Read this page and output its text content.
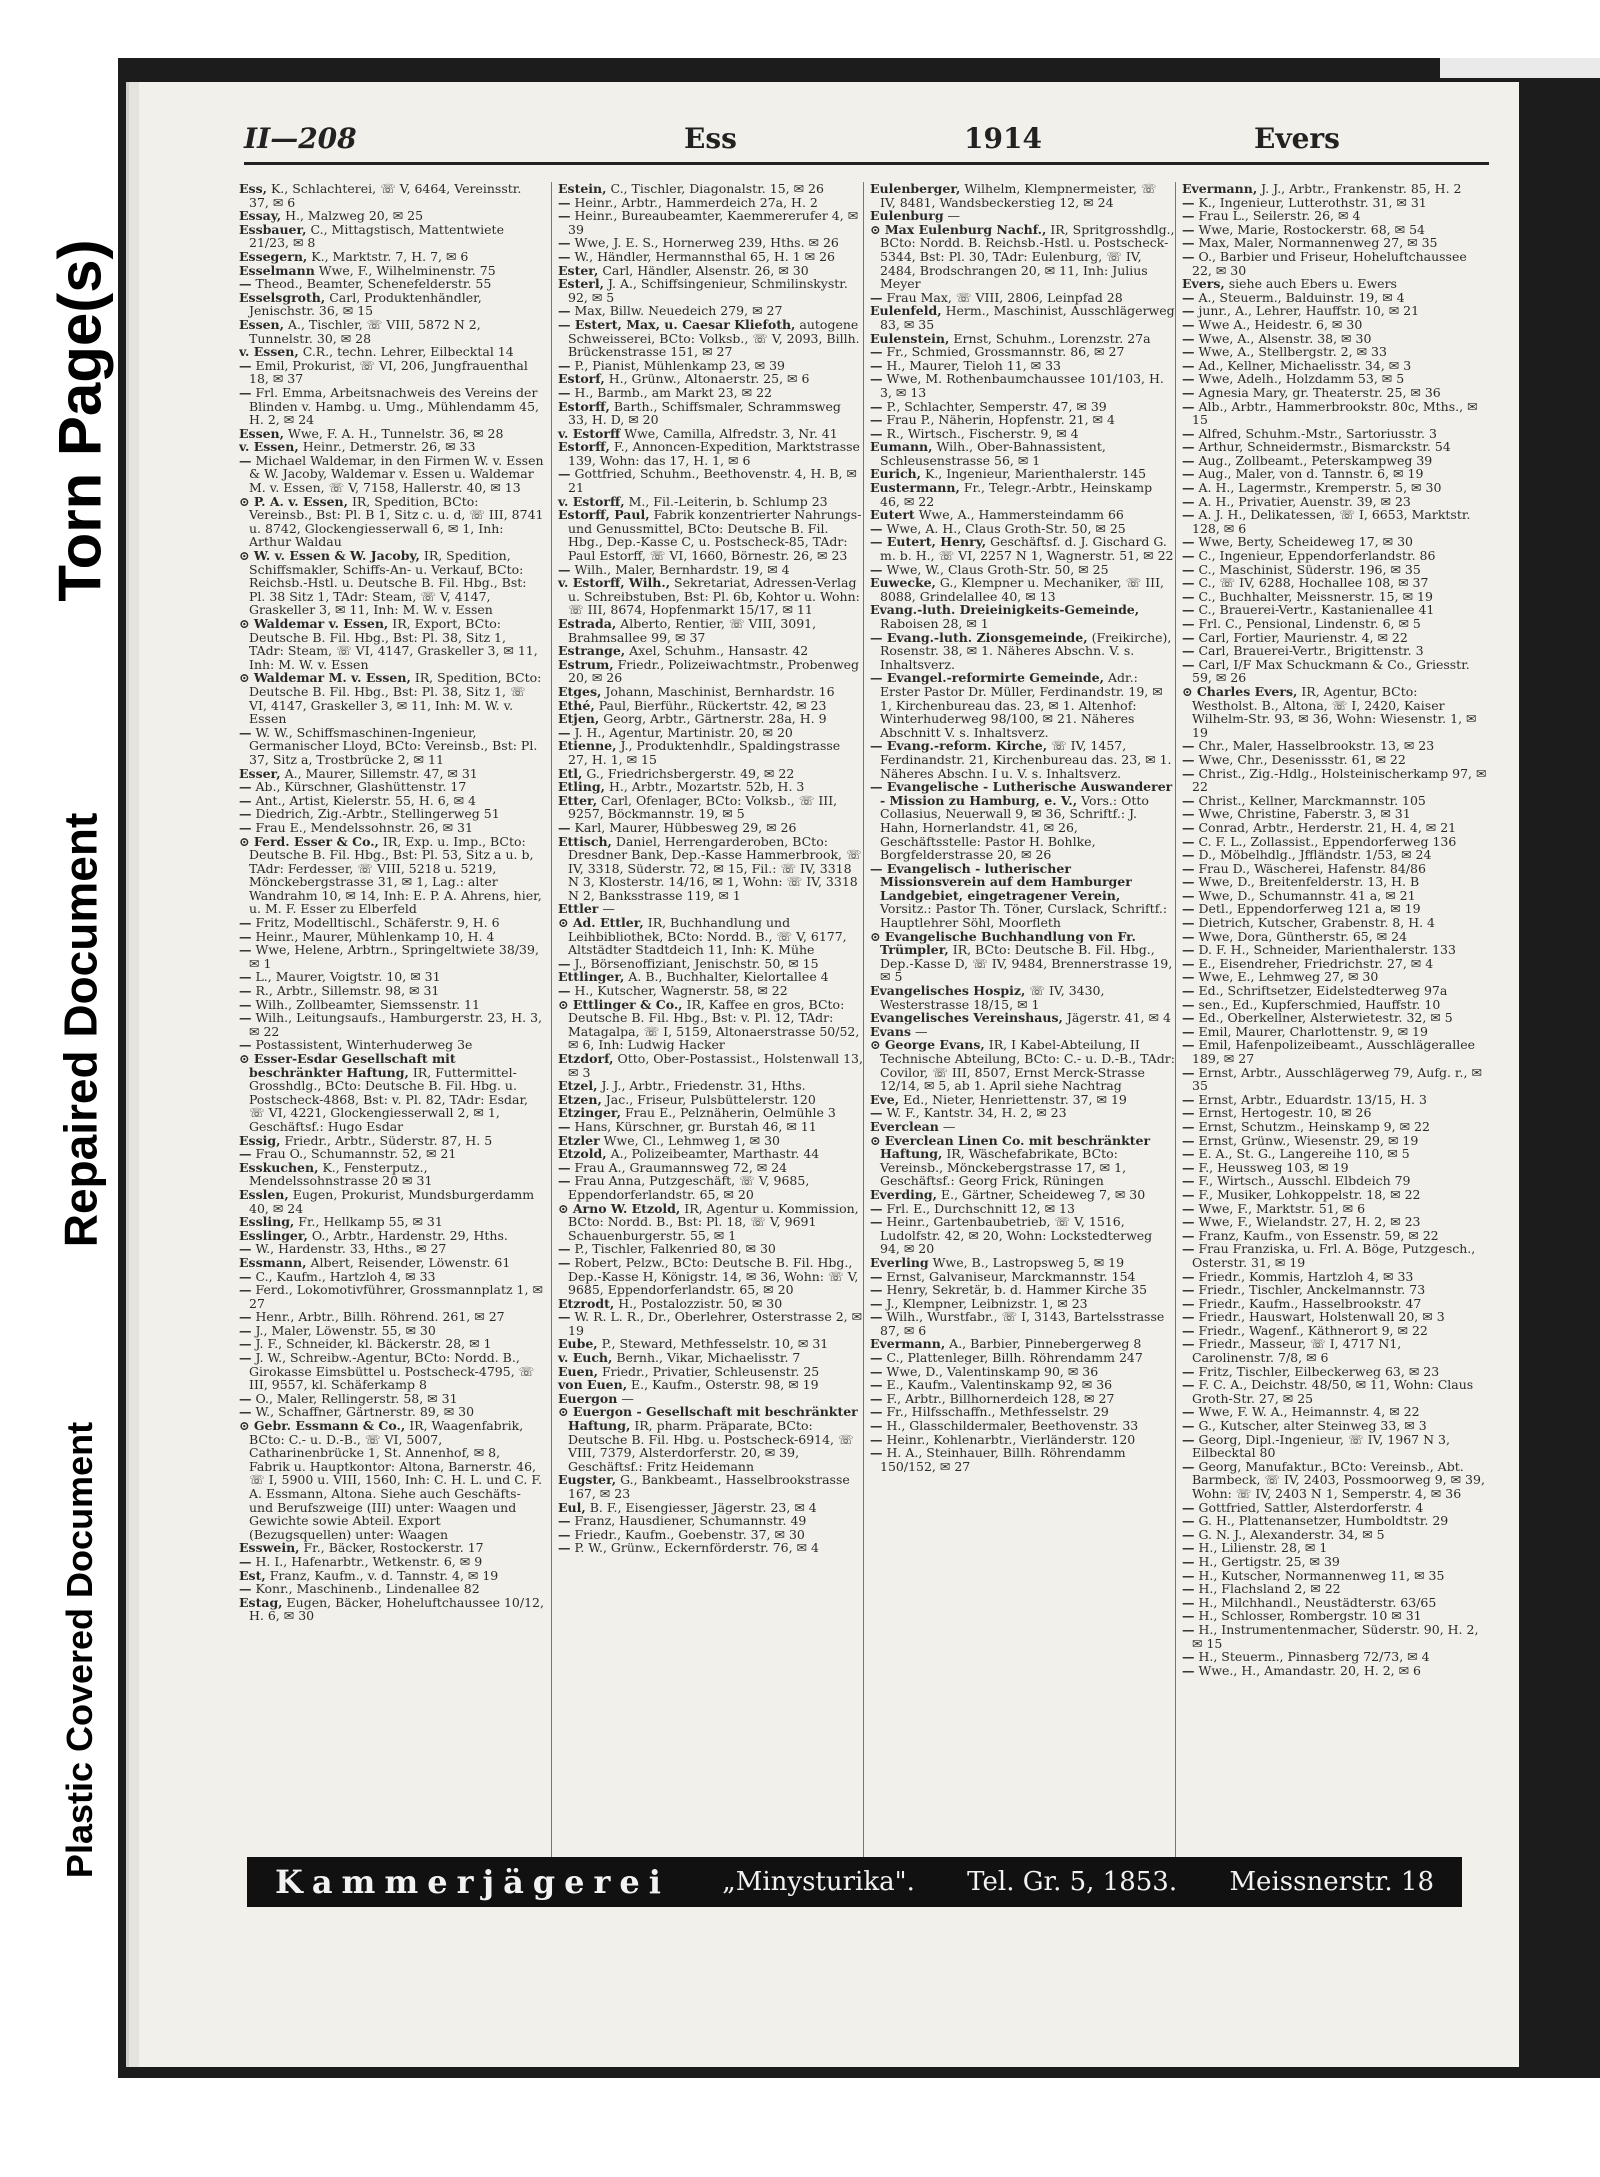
Torn Page(s)
Repaired Document
Plastic Covered Document
II—208	Ess	1914	Evers
Ess, K., Schlachterei, ☏ V, 6464, Vereinsstr. 37, ✉ 6
Essay, H., Malzweg 20, ✉ 25
Essbauer, C., Mittagstisch, Mattentwiete 21/23, ✉ 8
Essegern, K., Marktstr. 7, H. 7, ✉ 6
Esselmann Wwe, F., Wilhelminenstr. 75
— Theod., Beamter, Schenefelderstr. 55
Esselsgroth, Carl, Produktenhändler, Jenischstr. 36, ✉ 15
Essen, A., Tischler, ☏ VIII, 5872 N 2, Tunnelstr. 30, ✉ 28
v. Essen, C.R., techn. Lehrer, Eilbecktal 14
— Emil, Prokurist, ☏ VI, 206, Jungfrauenthal 18, ✉ 37
— Frl. Emma, Arbeitsnachweis des Vereins der Blinden v. Hambg. u. Umg., Mühlendamm 45, H. 2, ✉ 24
Essen, Wwe, F. A. H., Tunnelstr. 36, ✉ 28
v. Essen, Heinr., Detmerstr. 26, ✉ 33
— Michael Waldemar, in den Firmen W. v. Essen & W. Jacoby, Waldemar v. Essen u. Waldemar M. v. Essen, ☏ V, 7158, Hallerstr. 40, ✉ 13
⊙ P. A. v. Essen, IR, Spedition, BCto: Vereinsb., Bst: Pl. B 1, Sitz c. u. d, ☏ III, 8741 u. 8742, Glockengiesserwall 6, ✉ 1, Inh: Arthur Waldau
⊙ W. v. Essen & W. Jacoby, IR, Spedition, Schiffsmakler, Schiffs-An- u. Verkauf, BCto: Reichsb.-Hstl. u. Deutsche B. Fil. Hbg., Bst: Pl. 38 Sitz 1, TAdr: Steam, ☏ V, 4147, Graskeller 3, ✉ 11, Inh: M. W. v. Essen
⊙ Waldemar v. Essen, IR, Export, BCto: Deutsche B. Fil. Hbg., Bst: Pl. 38, Sitz 1, TAdr: Steam, ☏ VI, 4147, Graskeller 3, ✉ 11, Inh: M. W. v. Essen
⊙ Waldemar M. v. Essen, IR, Spedition, BCto: Deutsche B. Fil. Hbg., Bst: Pl. 38, Sitz 1, ☏ VI, 4147, Graskeller 3, ✉ 11, Inh: M. W. v. Essen
— W. W., Schiffsmaschinen-Ingenieur, Germanischer Lloyd, BCto: Vereinsb., Bst: Pl. 37, Sitz a, Trostbrücke 2, ✉ 11
Esser, A., Maurer, Sillemstr. 47, ✉ 31
— Ab., Kürschner, Glashüttenstr. 17
— Ant., Artist, Kielerstr. 55, H. 6, ✉ 4
— Diedrich, Zig.-Arbtr., Stellingerweg 51
— Frau E., Mendelssohnstr. 26, ✉ 31
⊙ Ferd. Esser & Co., IR, Exp. u. Imp., BCto: Deutsche B. Fil. Hbg., Bst: Pl. 53, Sitz a u. b, TAdr: Ferdesser, ☏ VIII, 5218 u. 5219, Mönckebergstrasse 31, ✉ 1, Lag.: alter Wandrahm 10, ✉ 14, Inh: E. P. A. Ahrens, hier, u. M. F. Esser zu Elberfeld
— Fritz, Modelltischl., Schäferstr. 9, H. 6
— Heinr., Maurer, Mühlenkamp 10, H. 4
— Wwe, Helene, Arbtrn., Springeltwiete 38/39, ✉ 1
— L., Maurer, Voigtstr. 10, ✉ 31
— R., Arbtr., Sillemstr. 98, ✉ 31
— Wilh., Zollbeamter, Siemssenstr. 11
— Wilh., Leitungsaufs., Hamburgerstr. 23, H. 3, ✉ 22
— Postassistent, Winterhuderweg 3e
⊙ Esser-Esdar Gesellschaft mit beschränkter Haftung, IR, Futtermittel-Grosshdlg., BCto: Deutsche B. Fil. Hbg. u. Postscheck-4868, Bst: v. Pl. 82, TAdr: Esdar, ☏ VI, 4221, Glockengiesserwall 2, ✉ 1, Geschäftsf.: Hugo Esdar
Essig, Friedr., Arbtr., Süderstr. 87, H. 5
— Frau O., Schumannstr. 52, ✉ 21
Esskuchen, K., Fensterputz., Mendelssohnstrasse 20 ✉ 31
Esslen, Eugen, Prokurist, Mundsburgerdamm 40, ✉ 24
Essling, Fr., Hellkamp 55, ✉ 31
Esslinger, O., Arbtr., Hardenstr. 29, Hths.
— W., Hardenstr. 33, Hths., ✉ 27
Essmann, Albert, Reisender, Löwenstr. 61
— C., Kaufm., Hartzloh 4, ✉ 33
— Ferd., Lokomotivführer, Grossmannplatz 1, ✉ 27
— Henr., Arbtr., Billh. Röhrend. 261, ✉ 27
— J., Maler, Löwenstr. 55, ✉ 30
— J. F., Schneider, kl. Bäckerstr. 28, ✉ 1
— J. W., Schreibw.-Agentur, BCto: Nordd. B., Girokasse Eimsbüttel u. Postscheck-4795, ☏ III, 9557, kl. Schäferkamp 8
— O., Maler, Rellingerstr. 58, ✉ 31
— W., Schaffner, Gärtnerstr. 89, ✉ 30
⊙ Gebr. Essmann & Co., IR, Waagenfabrik, BCto: C.- u. D.-B., ☏ VI, 5007, Catharinenbrücke 1, St. Annenhof, ✉ 8, Fabrik u. Hauptkontor: Altona, Barnerstr. 46, ☏ I, 5900 u. VIII, 1560, Inh: C. H. L. und C. F. A. Essmann, Altona. Siehe auch Geschäfts- und Berufszweige (III) unter: Waagen und Gewichte sowie Abteil. Export (Bezugsquellen) unter: Waagen
Esswein, Fr., Bäcker, Rostockerstr. 17
— H. I., Hafenarbtr., Wetkenstr. 6, ✉ 9
Est, Franz, Kaufm., v. d. Tannstr. 4, ✉ 19
— Konr., Maschinenb., Lindenallee 82
Estag, Eugen, Bäcker, Hoheluftchaussee 10/12, H. 6, ✉ 30
Estein, C., Tischler, Diagonalstr. 15, ✉ 26
— Heinr., Arbtr., Hammerdeich 27a, H. 2
— Heinr., Bureaubeamter, Kaemmererufer 4, ✉ 39
— Wwe, J. E. S., Hornerweg 239, Hths. ✉ 26
— W., Händler, Hermannsthal 65, H. 1 ✉ 26
Ester, Carl, Händler, Alsenstr. 26, ✉ 30
Esterl, J. A., Schiffsingenieur, Schmilinskystr. 92, ✉ 5
— Max, Billw. Neuedeich 279, ✉ 27
— Estert, Max, u. Caesar Kliefoth, autogene Schweisserei, BCto: Volksb., ☏ V, 2093, Billh. Brückenstrasse 151, ✉ 27
— P., Pianist, Mühlenkamp 23, ✉ 39
Estorf, H., Grünw., Altonaerstr. 25, ✉ 6
— H., Barmb., am Markt 23, ✉ 22
Estorff, Barth., Schiffsmaler, Schrammsweg 33, H. D, ✉ 20
v. Estorff Wwe, Camilla, Alfredstr. 3, Nr. 41
Estorff, F., Annoncen-Expedition, Marktstrasse 139, Wohn: das 17, H. 1, ✉ 6
— Gottfried, Schuhm., Beethovenstr. 4, H. B, ✉ 21
v. Estorff, M., Fil.-Leiterin, b. Schlump 23
Estorff, Paul, Fabrik konzentrierter Nahrungs- und Genussmittel, BCto: Deutsche B. Fil. Hbg., Dep.-Kasse C, u. Postscheck-85, TAdr: Paul Estorff, ☏ VI, 1660, Börnestr. 26, ✉ 23
— Wilh., Maler, Bernhardstr. 19, ✉ 4
v. Estorff, Wilh., Sekretariat, Adressen-Verlag u. Schreibstuben, Bst: Pl. 6b, Kohtor u. Wohn: ☏ III, 8674, Hopfenmarkt 15/17, ✉ 11
Estrada, Alberto, Rentier, ☏ VIII, 3091, Brahmsallee 99, ✉ 37
Estrange, Axel, Schuhm., Hansastr. 42
Estrum, Friedr., Polizeiwachtmstr., Probenweg 20, ✉ 26
Etges, Johann, Maschinist, Bernhardstr. 16
Ethé, Paul, Bierführ., Rückertstr. 42, ✉ 23
Etjen, Georg, Arbtr., Gärtnerstr. 28a, H. 9
— J. H., Agentur, Martinistr. 20, ✉ 20
Etienne, J., Produktenhdlr., Spaldingstrasse 27, H. 1, ✉ 15
Etl, G., Friedrichsbergerstr. 49, ✉ 22
Etling, H., Arbtr., Mozartstr. 52b, H. 3
Etter, Carl, Ofenlager, BCto: Volksb., ☏ III, 9257, Böckmannstr. 19, ✉ 5
— Karl, Maurer, Hübbesweg 29, ✉ 26
Ettisch, Daniel, Herrengarderoben, BCto: Dresdner Bank, Dep.-Kasse Hammerbrook, ☏ IV, 3318, Süderstr. 72, ✉ 15, Fil.: ☏ IV, 3318 N 3, Klosterstr. 14/16, ✉ 1, Wohn: ☏ IV, 3318 N 2, Banksstrasse 119, ✉ 1
Ettler —
⊙ Ad. Ettler, IR, Buchhandlung und Leihbibliothek, BCto: Nordd. B., ☏ V, 6177, Altstädter Stadtdeich 11, Inh: K. Mühe
— J., Börsenoffiziant, Jenischstr. 50, ✉ 15
Ettlinger, A. B., Buchhalter, Kielortallee 4
— H., Kutscher, Wagnerstr. 58, ✉ 22
⊙ Ettlinger & Co., IR, Kaffee en gros, BCto: Deutsche B. Fil. Hbg., Bst: v. Pl. 12, TAdr: Matagalpa, ☏ I, 5159, Altonaerstrasse 50/52, ✉ 6, Inh: Ludwig Hacker
Etzdorf, Otto, Ober-Postassist., Holstenwall 13, ✉ 3
Etzel, J. J., Arbtr., Friedenstr. 31, Hths.
Etzen, Jac., Friseur, Pulsbüttelerstr. 120
Etzinger, Frau E., Pelznäherin, Oelmühle 3
— Hans, Kürschner, gr. Burstah 46, ✉ 11
Etzler Wwe, Cl., Lehmweg 1, ✉ 30
Etzold, A., Polizeibeamter, Marthastr. 44
— Frau A., Graumannsweg 72, ✉ 24
— Frau Anna, Putzgeschäft, ☏ V, 9685, Eppendorferlandstr. 65, ✉ 20
⊙ Arno W. Etzold, IR, Agentur u. Kommission, BCto: Nordd. B., Bst: Pl. 18, ☏ V, 9691 Schauenburgerstr. 55, ✉ 1
— P., Tischler, Falkenried 80, ✉ 30
— Robert, Pelzw., BCto: Deutsche B. Fil. Hbg., Dep.-Kasse H, Königstr. 14, ✉ 36, Wohn: ☏ V, 9685, Eppendorferlandstr. 65, ✉ 20
Etzrodt, H., Postalozzistr. 50, ✉ 30
— W. R. L. R., Dr., Oberlehrer, Osterstrasse 2, ✉ 19
Eube, P., Steward, Methfesselstr. 10, ✉ 31
v. Euch, Bernh., Vikar, Michaelisstr. 7
Euen, Friedr., Privatier, Schleusenstr. 25
von Euen, E., Kaufm., Osterstr. 98, ✉ 19
Euergon —
⊙ Euergon - Gesellschaft mit beschränkter Haftung, IR, pharm. Präparate, BCto: Deutsche B. Fil. Hbg. u. Postscheck-6914, ☏ VIII, 7379, Alsterdorferstr. 20, ✉ 39, Geschäftsf.: Fritz Heidemann
Eugster, G., Bankbeamt., Hasselbrookstrasse 167, ✉ 23
Eul, B. F., Eisengiesser, Jägerstr. 23, ✉ 4
— Franz, Hausdiener, Schumannstr. 49
— Friedr., Kaufm., Goebenstr. 37, ✉ 30
— P. W., Grünw., Eckernförderstr. 76, ✉ 4
Eulenberger, Wilhelm, Klempnermeister, ☏ IV, 8481, Wandsbeckerstieg 12, ✉ 24
Eulenburg —
⊙ Max Eulenburg Nachf., IR, Spritgrosshdlg., BCto: Nordd. B. Reichsb.-Hstl. u. Postscheck-5344, Bst: Pl. 30, TAdr: Eulenburg, ☏ IV, 2484, Brodschrangen 20, ✉ 11, Inh: Julius Meyer
— Frau Max, ☏ VIII, 2806, Leinpfad 28
Eulenfeld, Herm., Maschinist, Ausschlägerweg 83, ✉ 35
Eulenstein, Ernst, Schuhm., Lorenzstr. 27a
— Fr., Schmied, Grossmannstr. 86, ✉ 27
— H., Maurer, Tieloh 11, ✉ 33
— Wwe, M. Rothenbaumchaussee 101/103, H. 3, ✉ 13
— P., Schlachter, Semperstr. 47, ✉ 39
— Frau P., Näherin, Hopfenstr. 21, ✉ 4
— R., Wirtsch., Fischerstr. 9, ✉ 4
Eumann, Wilh., Ober-Bahnassistent, Schleusenstrasse 56, ✉ 1
Eurich, K., Ingenieur, Marienthalerstr. 145
Eustermann, Fr., Telegr.-Arbtr., Heinskamp 46, ✉ 22
Eutert Wwe, A., Hammersteindamm 66
— Wwe, A. H., Claus Groth-Str. 50, ✉ 25
— Eutert, Henry, Geschäftsf. d. J. Gischard G. m. b. H., ☏ VI, 2257 N 1, Wagnerstr. 51, ✉ 22
— Wwe, W., Claus Groth-Str. 50, ✉ 25
Euwecke, G., Klempner u. Mechaniker, ☏ III, 8088, Grindelallee 40, ✉ 13
Evang.-luth. Dreieinigkeits-Gemeinde, Raboisen 28, ✉ 1
— Evang.-luth. Zionsgemeinde, (Freikirche), Rosenstr. 38, ✉ 1. Näheres Abschn. V. s. Inhaltsverz.
— Evangel.-reformirte Gemeinde, Adr.: Erster Pastor Dr. Müller, Ferdinandstr. 19, ✉ 1, Kirchenbureau das. 23, ✉ 1. Altenhof: Winterhuderweg 98/100, ✉ 21. Näheres Abschnitt V. s. Inhaltsverz.
— Evang.-reform. Kirche, ☏ IV, 1457, Ferdinandstr. 21, Kirchenbureau das. 23, ✉ 1. Näheres Abschn. I u. V. s. Inhaltsverz.
— Evangelische - Lutherische Auswanderer - Mission zu Hamburg, e. V., Vors.: Otto Collasius, Neuerwall 9, ✉ 36, Schriftf.: J. Hahn, Hornerlandstr. 41, ✉ 26, Geschäftsstelle: Pastor H. Bohlke, Borgfelderstrasse 20, ✉ 26
— Evangelisch - lutherischer Missionsverein auf dem Hamburger Landgebiet, eingetragener Verein, Vorsitz.: Pastor Th. Töner, Curslack, Schriftf.: Hauptlehrer Söhl, Moorfleth
⊙ Evangelische Buchhandlung von Fr. Trümpler, IR, BCto: Deutsche B. Fil. Hbg., Dep.-Kasse D, ☏ IV, 9484, Brennerstrasse 19, ✉ 5
Evangelisches Hospiz, ☏ IV, 3430, Westerstrasse 18/15, ✉ 1
Evangelisches Vereinshaus, Jägerstr. 41, ✉ 4
Evans —
⊙ George Evans, IR, I Kabel-Abteilung, II Technische Abteilung, BCto: C.- u. D.-B., TAdr: Covilor, ☏ III, 8507, Ernst Merck-Strasse 12/14, ✉ 5, ab 1. April siehe Nachtrag
Eve, Ed., Nieter, Henriettenstr. 37, ✉ 19
— W. F., Kantstr. 34, H. 2, ✉ 23
Everclean —
⊙ Everclean Linen Co. mit beschränkter Haftung, IR, Wäschefabrikate, BCto: Vereinsb., Mönckebergstrasse 17, ✉ 1, Geschäftsf.: Georg Frick, Rüningen
Everding, E., Gärtner, Scheideweg 7, ✉ 30
— Frl. E., Durchschnitt 12, ✉ 13
— Heinr., Gartenbaubetrieb, ☏ V, 1516, Ludolfstr. 42, ✉ 20, Wohn: Lockstedterweg 94, ✉ 20
Everling Wwe, B., Lastropsweg 5, ✉ 19
— Ernst, Galvaniseur, Marckmannstr. 154
— Henry, Sekretär, b. d. Hammer Kirche 35
— J., Klempner, Leibnizstr. 1, ✉ 23
— Wilh., Wurstfabr., ☏ I, 3143, Bartelsstrasse 87, ✉ 6
Evermann, A., Barbier, Pinnebergerweg 8
— C., Plattenleger, Billh. Röhrendamm 247
— Wwe, D., Valentinskamp 90, ✉ 36
— E., Kaufm., Valentinskamp 92, ✉ 36
— F., Arbtr., Billhornerdeich 128, ✉ 27
— Fr., Hilfsschaffn., Methfesselstr. 29
— H., Glasschildermaler, Beethovenstr. 33
— Heinr., Kohlenarbtr., Vierländerstr. 120
— H. A., Steinhauer, Billh. Röhrendamm 150/152, ✉ 27
Evermann, J. J., Arbtr., Frankenstr. 85, H. 2
— K., Ingenieur, Lutterothstr. 31, ✉ 31
— Frau L., Seilerstr. 26, ✉ 4
— Wwe, Marie, Rostockerstr. 68, ✉ 54
— Max, Maler, Normannenweg 27, ✉ 35
— O., Barbier und Friseur, Hoheluftchaussee 22, ✉ 30
Evers, siehe auch Ebers u. Ewers
— A., Steuerm., Balduinstr. 19, ✉ 4
— junr., A., Lehrer, Hauffstr. 10, ✉ 21
— Wwe A., Heidestr. 6, ✉ 30
— Wwe, A., Alsenstr. 38, ✉ 30
— Wwe, A., Stellbergstr. 2, ✉ 33
— Ad., Kellner, Michaelisstr. 34, ✉ 3
— Wwe, Adelh., Holzdamm 53, ✉ 5
— Agnesia Mary, gr. Theaterstr. 25, ✉ 36
— Alb., Arbtr., Hammerbrookstr. 80c, Mths., ✉ 15
— Alfred, Schuhm.-Mstr., Sartoriusstr. 3
— Arthur, Schneidermstr., Bismarckstr. 54
— Aug., Zollbeamt., Peterskampweg 39
— Aug., Maler, von d. Tannstr. 6, ✉ 19
— A. H., Lagermstr., Kremperstr. 5, ✉ 30
— A. H., Privatier, Auenstr. 39, ✉ 23
— A. J. H., Delikatessen, ☏ I, 6653, Marktstr. 128, ✉ 6
— Wwe, Berty, Scheideweg 17, ✉ 30
— C., Ingenieur, Eppendorferlandstr. 86
— C., Maschinist, Süderstr. 196, ✉ 35
— C., ☏ IV, 6288, Hochallee 108, ✉ 37
— C., Buchhalter, Meissnerstr. 15, ✉ 19
— C., Brauerei-Vertr., Kastanienallee 41
— Frl. C., Pensional, Lindenstr. 6, ✉ 5
— Carl, Fortier, Maurienstr. 4, ✉ 22
— Carl, Brauerei-Vertr., Brigittenstr. 3
— Carl, I/F Max Schuckmann & Co., Griesstr. 59, ✉ 26
⊙ Charles Evers, IR, Agentur, BCto: Westholst. B., Altona, ☏ I, 2420, Kaiser Wilhelm-Str. 93, ✉ 36, Wohn: Wiesenstr. 1, ✉ 19
— Chr., Maler, Hasselbrookstr. 13, ✉ 23
— Wwe, Chr., Desenissstr. 61, ✉ 22
— Christ., Zig.-Hdlg., Holsteinischerkamp 97, ✉ 22
— Christ., Kellner, Marckmannstr. 105
— Wwe, Christine, Faberstr. 3, ✉ 31
— Conrad, Arbtr., Herderstr. 21, H. 4, ✉ 21
— C. F. L., Zollassist., Eppendorferweg 136
— D., Möbelhdlg., Jffländstr. 1/53, ✉ 24
— Frau D., Wäscherei, Hafenstr. 84/86
— Wwe, D., Breitenfelderstr. 13, H. B
— Wwe, D., Schumannstr. 41 a, ✉ 21
— Detl., Eppendorferweg 121 a, ✉ 19
— Dietrich, Kutscher, Grabenstr. 8, H. 4
— Wwe, Dora, Güntherstr. 65, ✉ 24
— D. F. H., Schneider, Marienthalerstr. 133
— E., Eisendreher, Friedrichstr. 27, ✉ 4
— Wwe, E., Lehmweg 27, ✉ 30
— Ed., Schriftsetzer, Eidelstedterweg 97a
— sen., Ed., Kupferschmied, Hauffstr. 10
— Ed., Oberkellner, Alsterwietestr. 32, ✉ 5
— Emil, Maurer, Charlottenstr. 9, ✉ 19
— Emil, Hafenpolizeibeamt., Ausschlägerallee 189, ✉ 27
— Ernst, Arbtr., Ausschlägerweg 79, Aufg. r., ✉ 35
— Ernst, Arbtr., Eduardstr. 13/15, H. 3
— Ernst, Hertogestr. 10, ✉ 26
— Ernst, Schutzm., Heinskamp 9, ✉ 22
— Ernst, Grünw., Wiesenstr. 29, ✉ 19
— E. A., St. G., Langereihe 110, ✉ 5
— F., Heussweg 103, ✉ 19
— F., Wirtsch., Ausschl. Elbdeich 79
— F., Musiker, Lohkoppelstr. 18, ✉ 22
— Wwe, F., Marktstr. 51, ✉ 6
— Wwe, F., Wielandstr. 27, H. 2, ✉ 23
— Franz, Kaufm., von Essenstr. 59, ✉ 22
— Frau Franziska, u. Frl. A. Böge, Putzgesch., Osterstr. 31, ✉ 19
— Friedr., Kommis, Hartzloh 4, ✉ 33
— Friedr., Tischler, Anckelmannstr. 73
— Friedr., Kaufm., Hasselbrookstr. 47
— Friedr., Hauswart, Holstenwall 20, ✉ 3
— Friedr., Wagenf., Käthnerort 9, ✉ 22
— Friedr., Masseur, ☏ I, 4717 N1, Carolinenstr. 7/8, ✉ 6
— Fritz, Tischler, Eilbeckerweg 63, ✉ 23
— F. C. A., Deichstr. 48/50, ✉ 11, Wohn: Claus Groth-Str. 27, ✉ 25
— Wwe, F. W. A., Heimannstr. 4, ✉ 22
— G., Kutscher, alter Steinweg 33, ✉ 3
— Georg, Dipl.-Ingenieur, ☏ IV, 1967 N 3, Eilbecktal 80
— Georg, Manufaktur., BCto: Vereinsb., Abt. Barmbeck, ☏ IV, 2403, Possmoorweg 9, ✉ 39, Wohn: ☏ IV, 2403 N 1, Semperstr. 4, ✉ 36
— Gottfried, Sattler, Alsterdorferstr. 4
— G. H., Plattenansetzer, Humboldtstr. 29
— G. N. J., Alexanderstr. 34, ✉ 5
— H., Lilienstr. 28, ✉ 1
— H., Gertigstr. 25, ✉ 39
— H., Kutscher, Normannenweg 11, ✉ 35
— H., Flachsland 2, ✉ 22
— H., Milchhandl., Neustädterstr. 63/65
— H., Schlosser, Rombergstr. 10 ✉ 31
— H., Instrumentenmacher, Süderstr. 90, H. 2, ✉ 15
— H., Steuerm., Pinnasberg 72/73, ✉ 4
— Wwe., H., Amandastr. 20, H. 2, ✉ 6
Kammerjägerei „Minysturika". Tel. Gr. 5, 1853. Meissnerstr. 18
